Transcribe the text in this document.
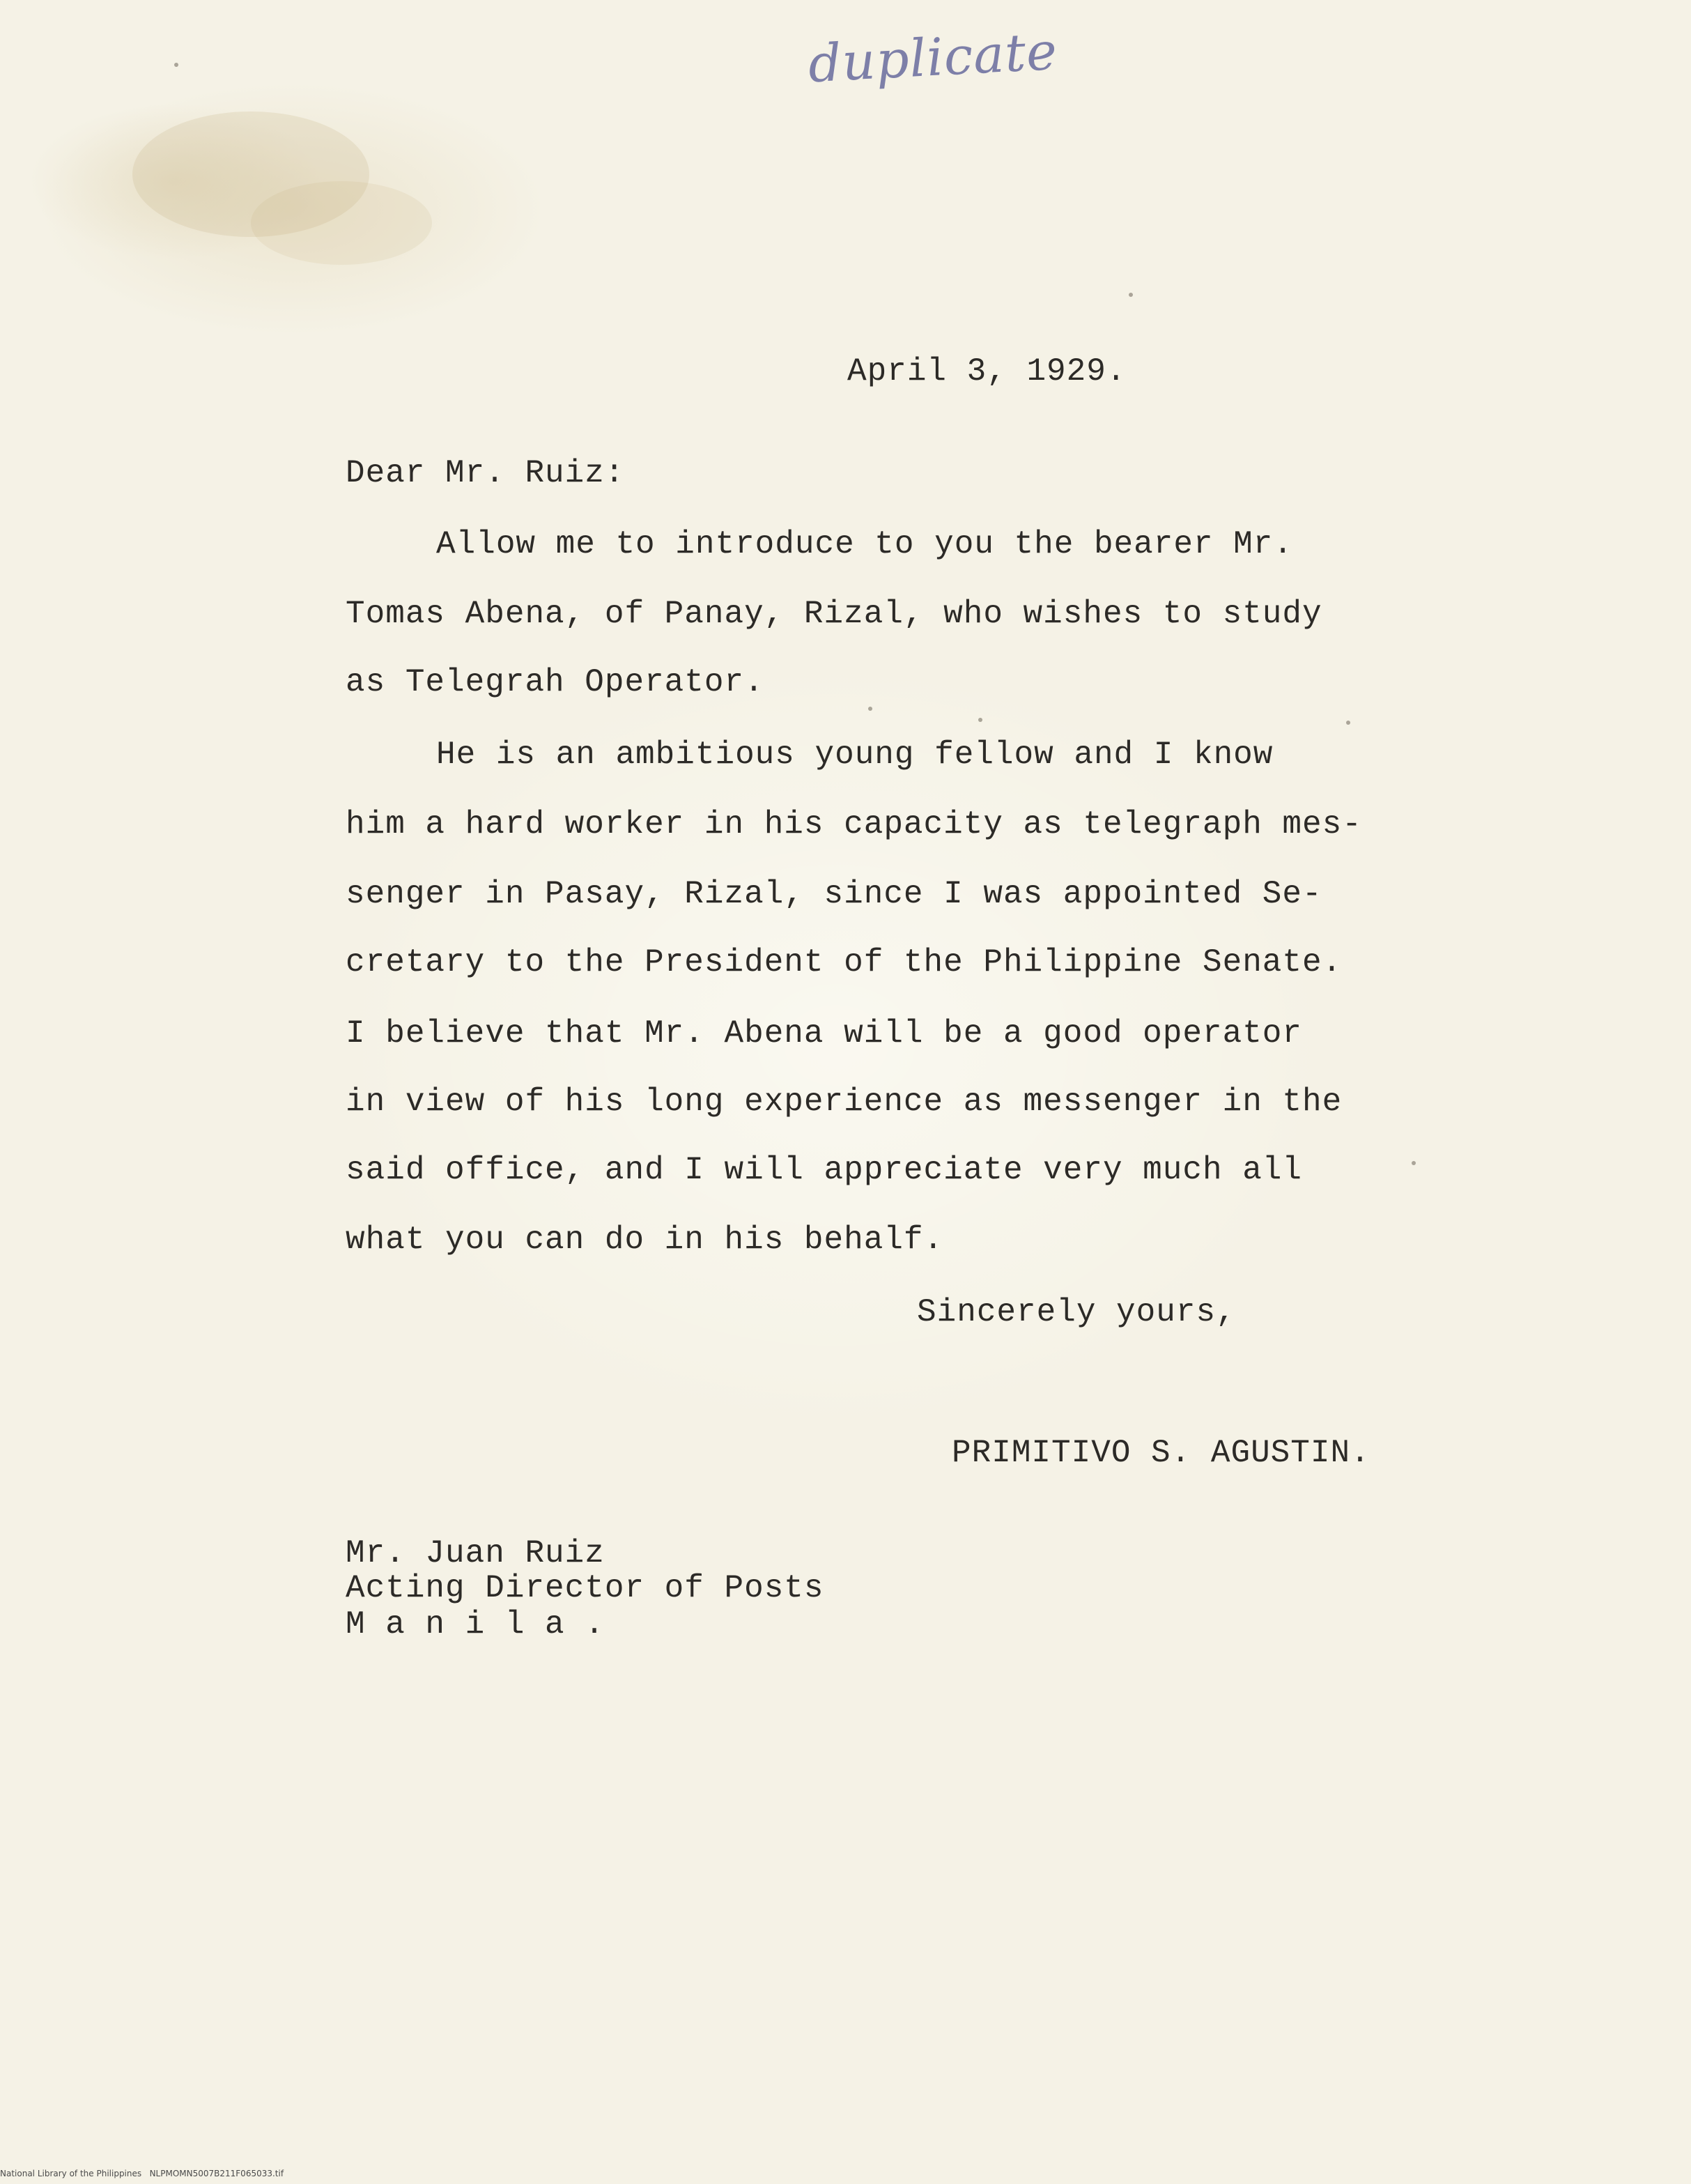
duplicate
April 3, 1929.
Dear Mr. Ruiz:
Allow me to introduce to you the bearer Mr.
Tomas Abena, of Panay, Rizal, who wishes to study
as Telegrah Operator.
He is an ambitious young fellow and I know
him a hard worker in his capacity as telegraph mes-
senger in Pasay, Rizal, since I was appointed Se-
cretary to the President of the Philippine Senate.
I believe that Mr. Abena will be a good operator
in view of his long experience as messenger in the
said office, and I will appreciate very much all
what you can do in his behalf.
Sincerely yours,
PRIMITIVO S. AGUSTIN.
Mr. Juan Ruiz
Acting Director of Posts
M a n i l a .
National Library of the Philippines   NLPMOMN5007B211F065033.tif
